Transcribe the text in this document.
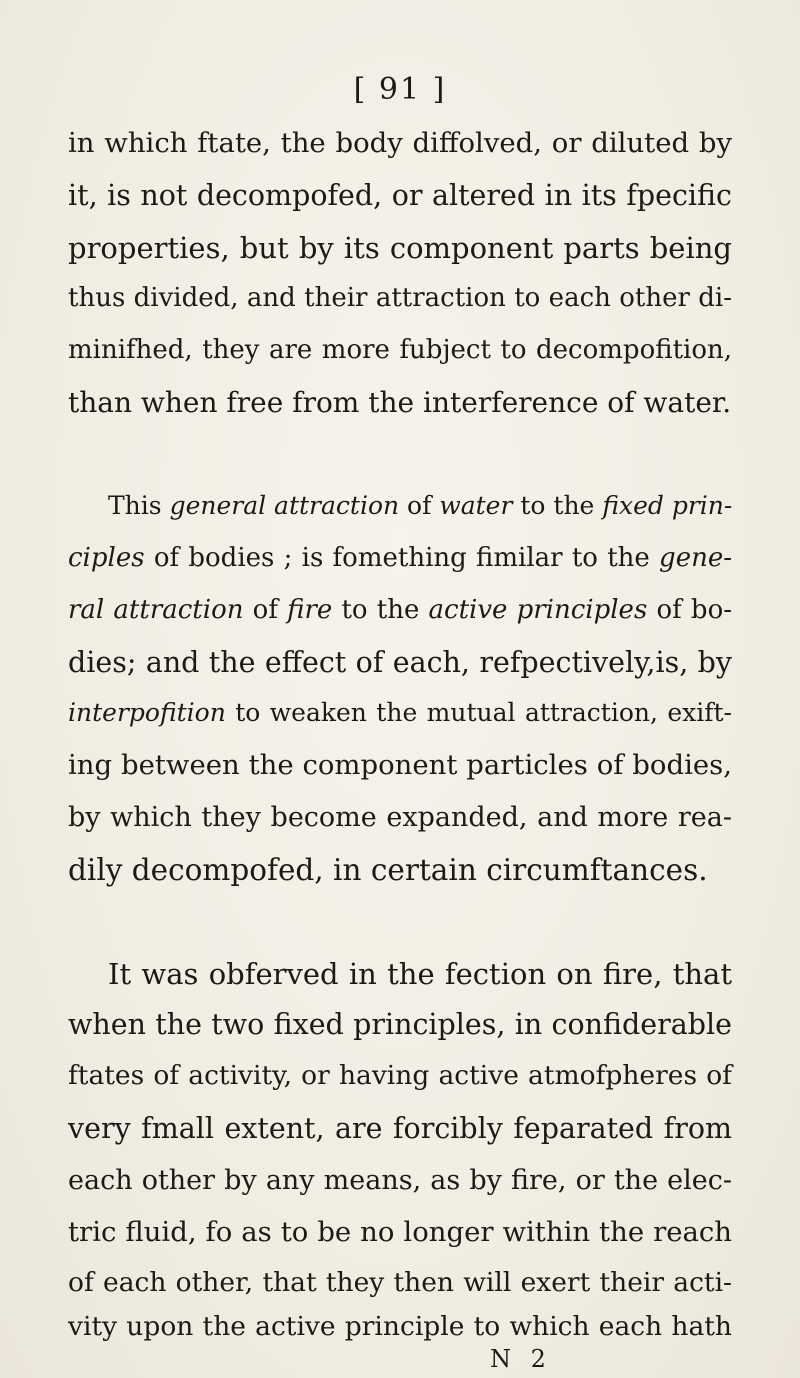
[ 91 ]
in which ftate, the body diffolved, or diluted by
it, is not decompofed, or altered in its fpecific
properties, but by its component parts being
thus divided, and their attraction to each other di-
minifhed, they are more fubject to decompofition,
than when free from the interference of water.
This general attraction of water to the fixed prin-
ciples of bodies ; is fomething fimilar to the gene-
ral attraction of fire to the active principles of bo-
dies; and the effect of each, refpectively,is, by
interpofition to weaken the mutual attraction, exift-
ing between the component particles of bodies,
by which they become expanded, and more rea-
dily decompofed, in certain circumftances.
It was obferved in the fection on fire, that
when the two fixed principles, in confiderable
ftates of activity, or having active atmofpheres of
very fmall extent, are forcibly feparated from
each other by any means, as by fire, or the elec-
tric fluid, fo as to be no longer within the reach
of each other, that they then will exert their acti-
vity upon the active principle to which each hath
N 2
